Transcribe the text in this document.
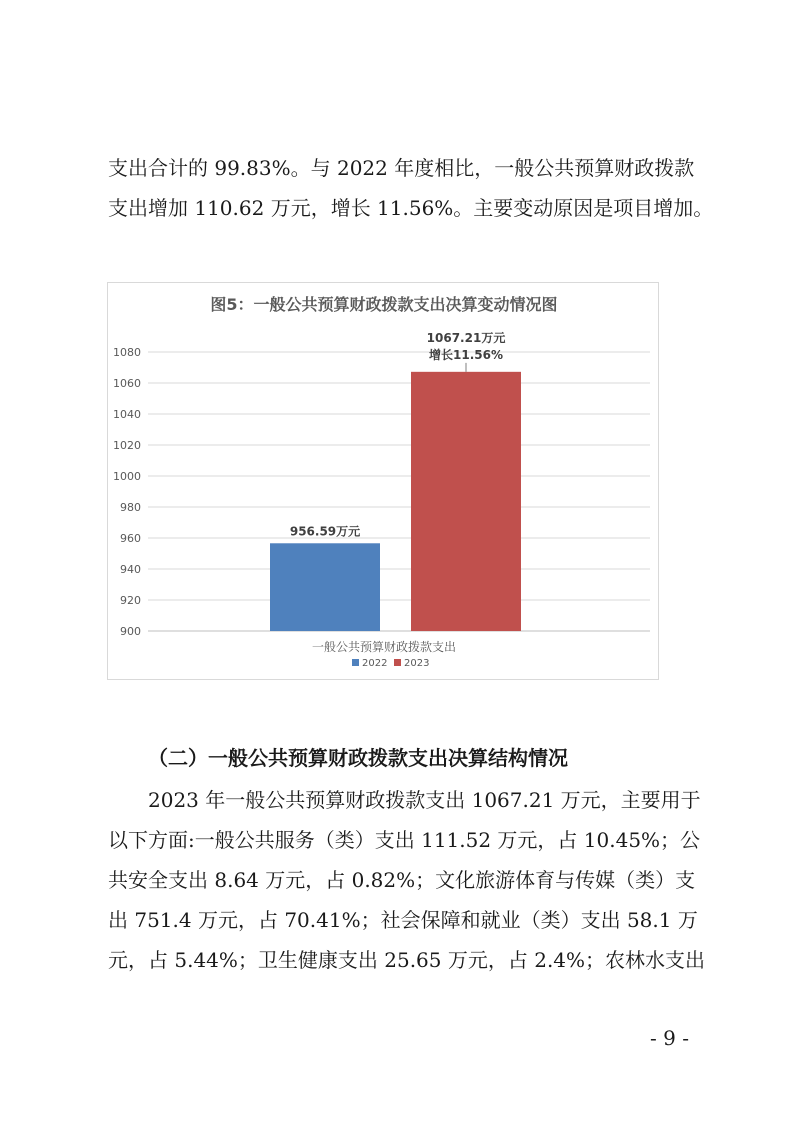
支出合计的 99.83%。与 2022 年度相比，一般公共预算财政拨款
支出增加 110.62 万元，增长 11.56%。主要变动原因是项目增加。
图5：一般公共预算财政拨款支出决算变动情况图
900
920
940
960
980
1000
1020
1040
1060
1080
956.59万元
1067.21万元
增长11.56%
一般公共预算财政拨款支出
2022 2023
（二）一般公共预算财政拨款支出决算结构情况
2023 年一般公共预算财政拨款支出 1067.21 万元，主要用于
以下方面:一般公共服务（类）支出 111.52 万元，占 10.45%；公
共安全支出 8.64 万元，占 0.82%；文化旅游体育与传媒（类）支
出 751.4 万元，占 70.41%；社会保障和就业（类）支出 58.1 万
元，占 5.44%；卫生健康支出 25.65 万元，占 2.4%；农林水支出
- 9 -
